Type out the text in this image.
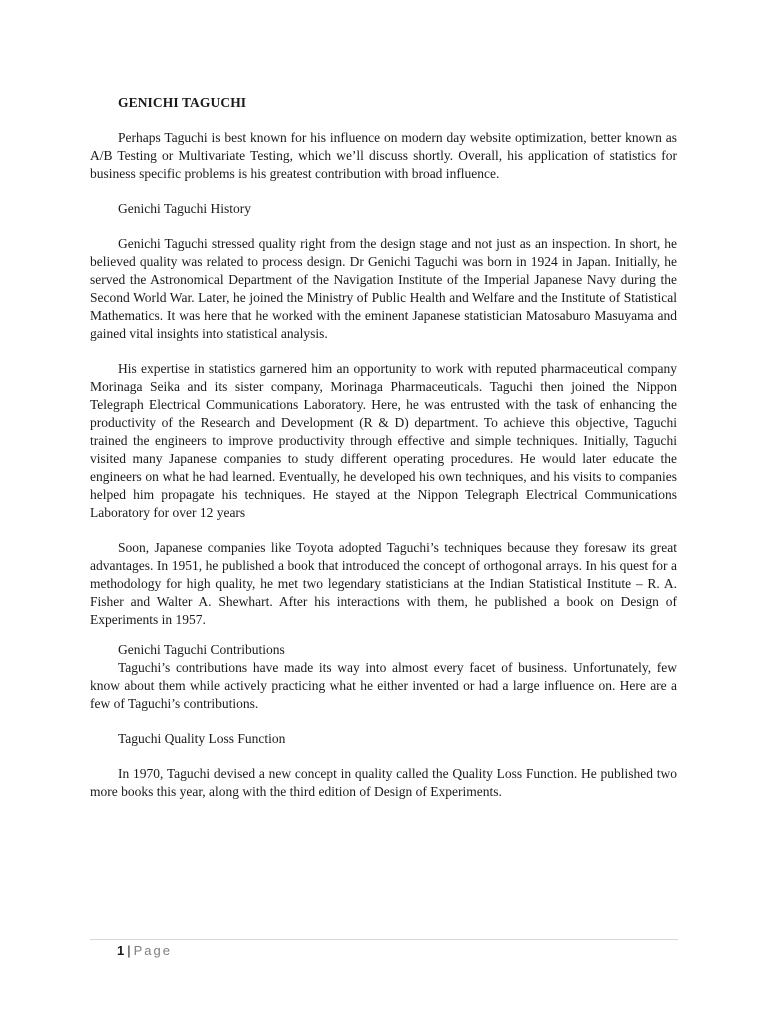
GENICHI TAGUCHI

Perhaps Taguchi is best known for his influence on modern day website optimization, better known as A/B Testing or Multivariate Testing, which we’ll discuss shortly. Overall, his application of statistics for business specific problems is his greatest contribution with broad influence.

Genichi Taguchi History

Genichi Taguchi stressed quality right from the design stage and not just as an inspection. In short, he believed quality was related to process design. Dr Genichi Taguchi was born in 1924 in Japan. Initially, he served the Astronomical Department of the Navigation Institute of the Imperial Japanese Navy during the Second World War. Later, he joined the Ministry of Public Health and Welfare and the Institute of Statistical Mathematics. It was here that he worked with the eminent Japanese statistician Matosaburo Masuyama and gained vital insights into statistical analysis.

His expertise in statistics garnered him an opportunity to work with reputed pharmaceutical company Morinaga Seika and its sister company, Morinaga Pharmaceuticals. Taguchi then joined the Nippon Telegraph Electrical Communications Laboratory. Here, he was entrusted with the task of enhancing the productivity of the Research and Development (R & D) department. To achieve this objective, Taguchi trained the engineers to improve productivity through effective and simple techniques. Initially, Taguchi visited many Japanese companies to study different operating procedures. He would later educate the engineers on what he had learned. Eventually, he developed his own techniques, and his visits to companies helped him propagate his techniques. He stayed at the Nippon Telegraph Electrical Communications Laboratory for over 12 years

Soon, Japanese companies like Toyota adopted Taguchi’s techniques because they foresaw its great advantages. In 1951, he published a book that introduced the concept of orthogonal arrays. In his quest for a methodology for high quality, he met two legendary statisticians at the Indian Statistical Institute – R. A. Fisher and Walter A. Shewhart. After his interactions with them, he published a book on Design of Experiments in 1957.

Genichi Taguchi Contributions

Taguchi’s contributions have made its way into almost every facet of business. Unfortunately, few know about them while actively practicing what he either invented or had a large influence on. Here are a few of Taguchi’s contributions.

Taguchi Quality Loss Function

In 1970, Taguchi devised a new concept in quality called the Quality Loss Function. He published two more books this year, along with the third edition of Design of Experiments.

1 | Page
